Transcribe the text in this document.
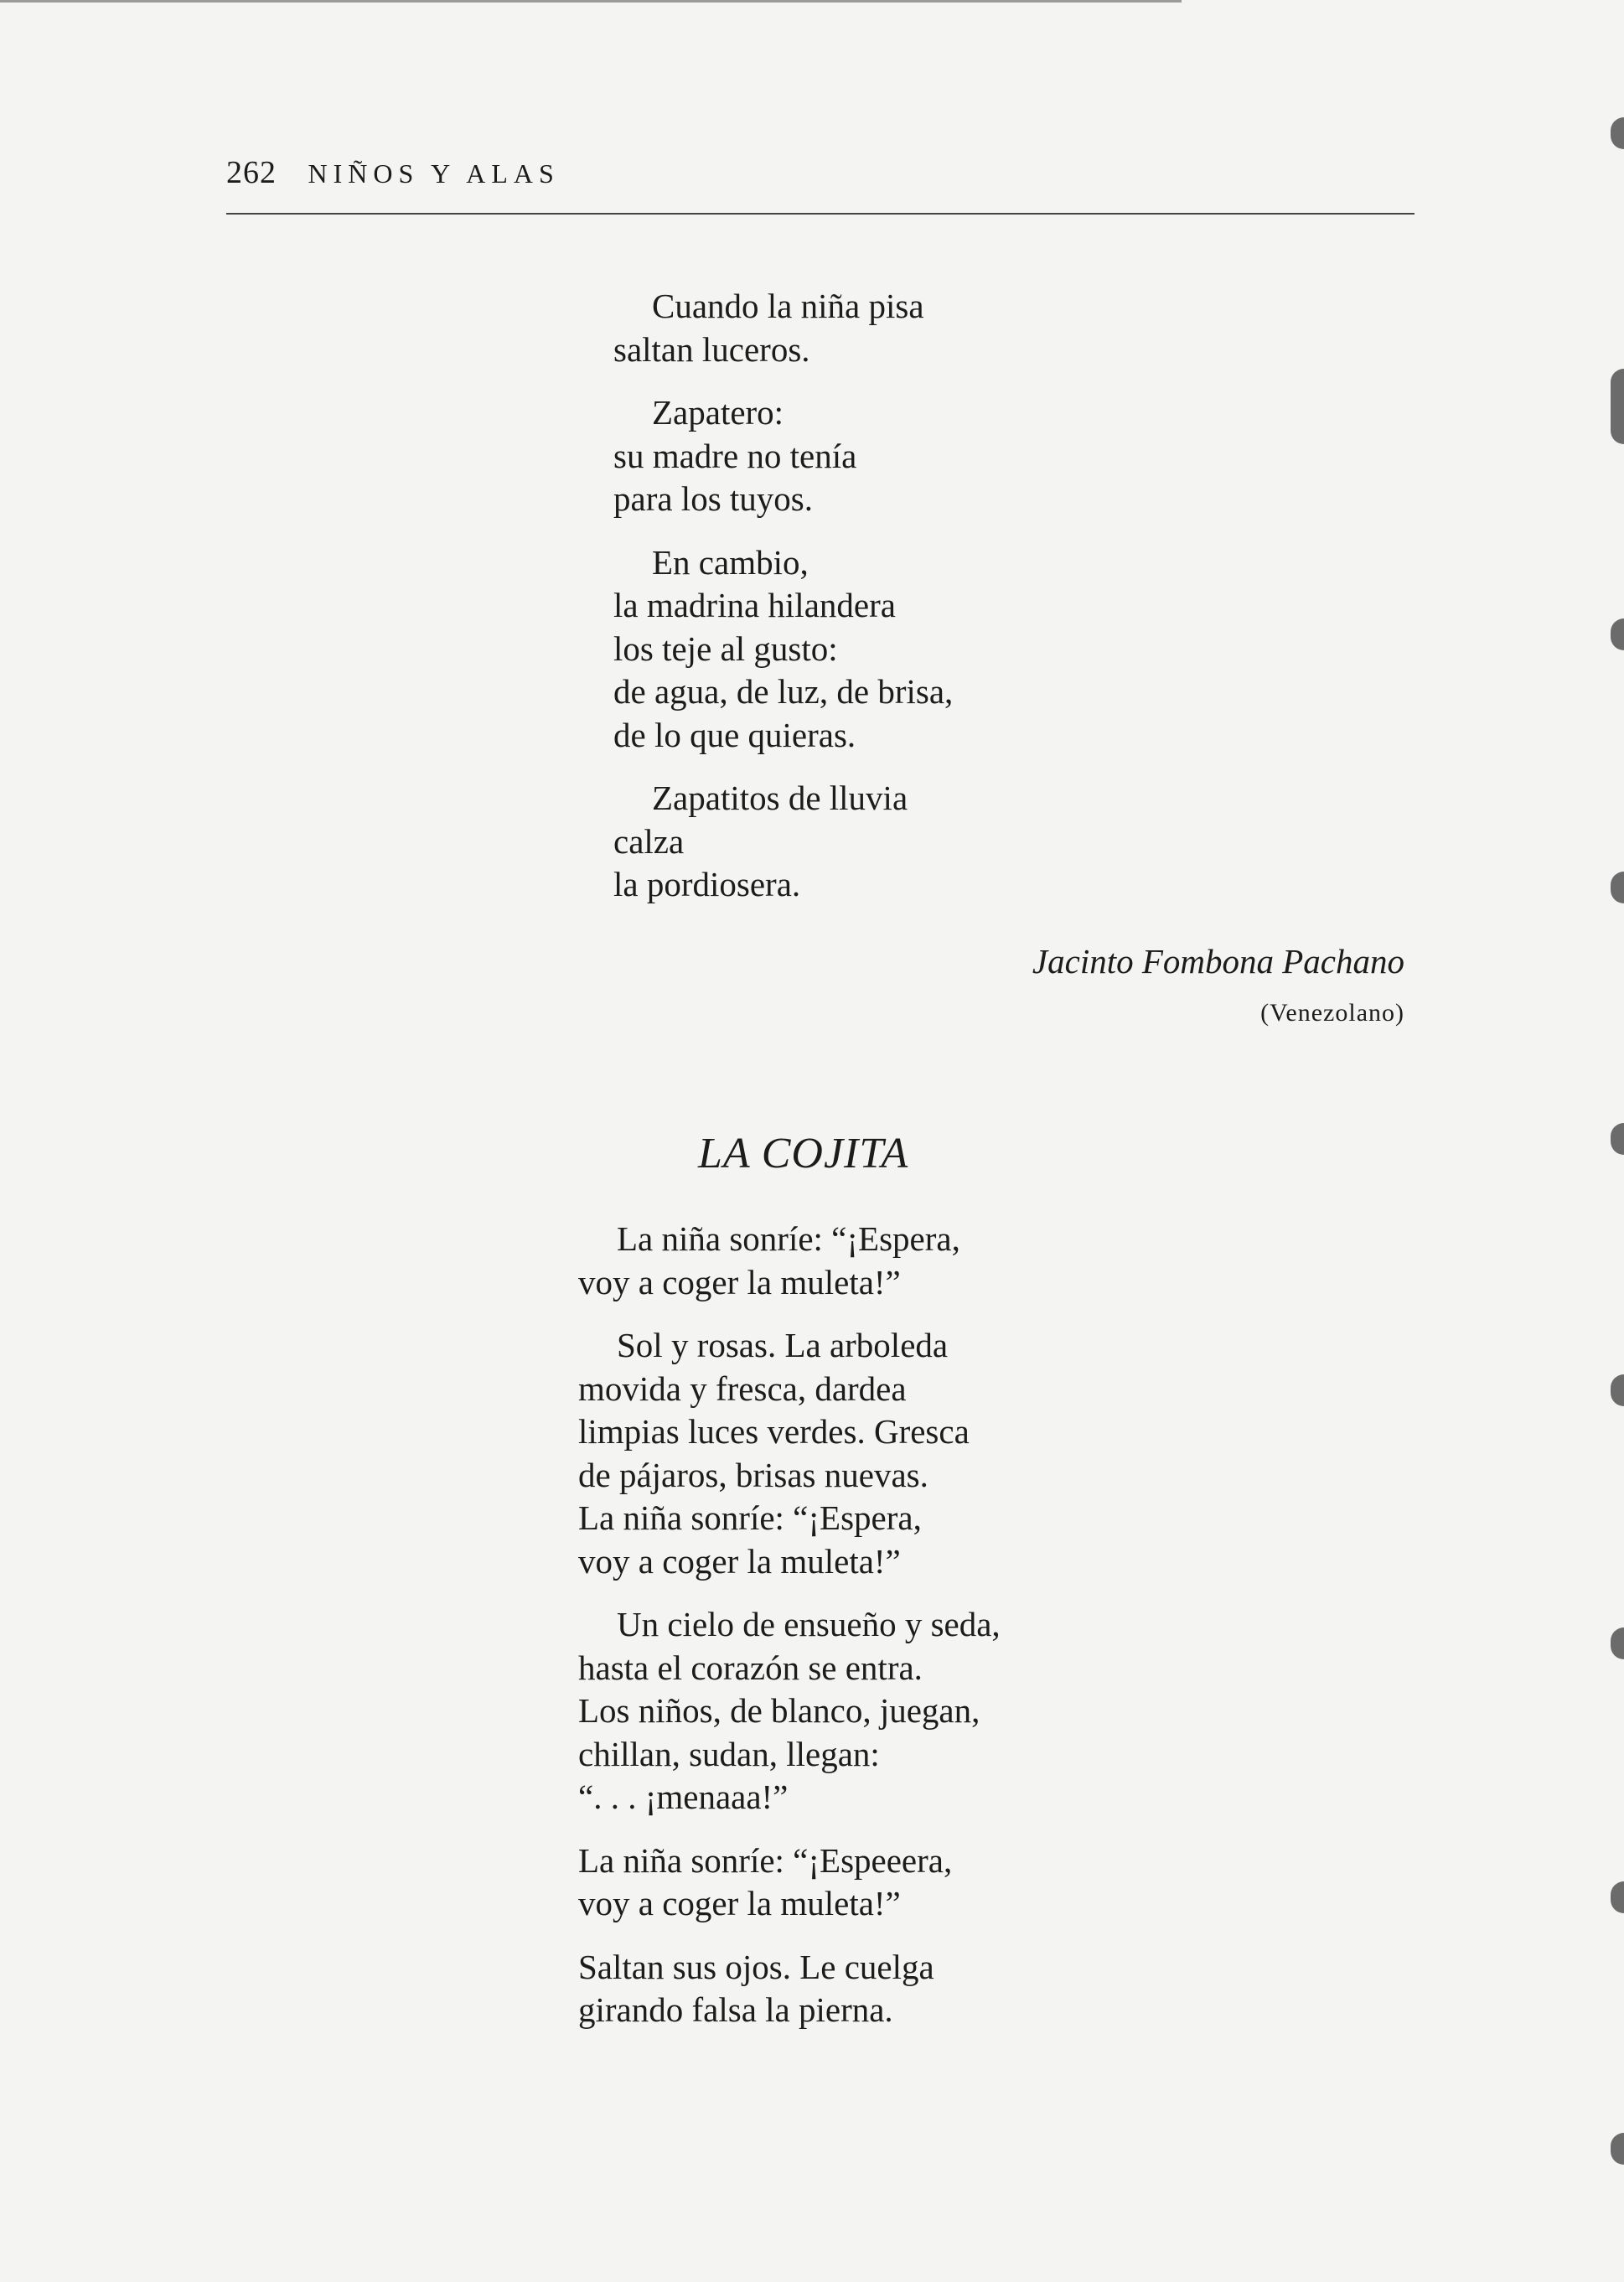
262 NIÑOS Y ALAS
Cuando la niña pisa
saltan luceros.
Zapatero:
su madre no tenía
para los tuyos.
En cambio,
la madrina hilandera
los teje al gusto:
de agua, de luz, de brisa,
de lo que quieras.
Zapatitos de lluvia
calza
la pordiosera.
Jacinto Fombona Pachano
(Venezolano)
LA COJITA
La niña sonríe: “¡Espera,
voy a coger la muleta!”
Sol y rosas. La arboleda
movida y fresca, dardea
limpias luces verdes. Gresca
de pájaros, brisas nuevas.
La niña sonríe: “¡Espera,
voy a coger la muleta!”
Un cielo de ensueño y seda,
hasta el corazón se entra.
Los niños, de blanco, juegan,
chillan, sudan, llegan:
“. . . ¡menaaa!”
La niña sonríe: “¡Espeeera,
voy a coger la muleta!”
Saltan sus ojos. Le cuelga
girando falsa la pierna.
